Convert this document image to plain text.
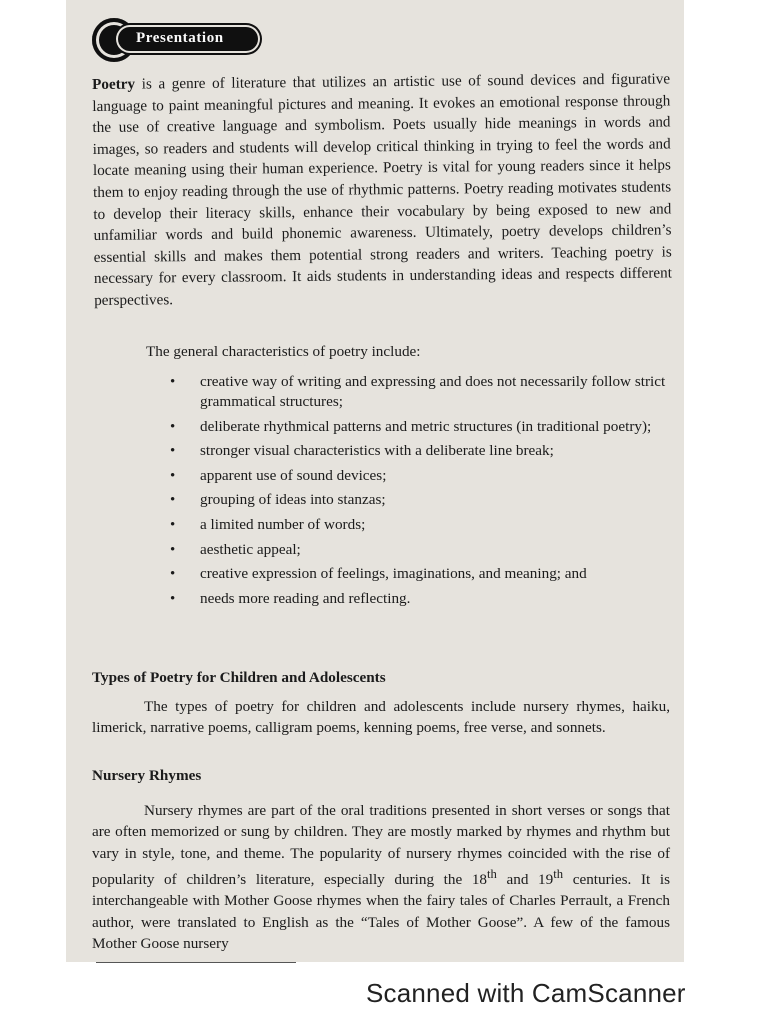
Presentation

Poetry is a genre of literature that utilizes an artistic use of sound devices and figurative language to paint meaningful pictures and meaning. It evokes an emotional response through the use of creative language and symbolism. Poets usually hide meanings in words and images, so readers and students will develop critical thinking in trying to feel the words and locate meaning using their human experience. Poetry is vital for young readers since it helps them to enjoy reading through the use of rhythmic patterns. Poetry reading motivates students to develop their literacy skills, enhance their vocabulary by being exposed to new and unfamiliar words and build phonemic awareness. Ultimately, poetry develops children’s essential skills and makes them potential strong readers and writers. Teaching poetry is necessary for every classroom. It aids students in understanding ideas and respects different perspectives.

The general characteristics of poetry include:

• creative way of writing and expressing and does not necessarily follow strict grammatical structures;
• deliberate rhythmical patterns and metric structures (in traditional poetry);
• stronger visual characteristics with a deliberate line break;
• apparent use of sound devices;
• grouping of ideas into stanzas;
• a limited number of words;
• aesthetic appeal;
• creative expression of feelings, imaginations, and meaning; and
• needs more reading and reflecting.
Types of Poetry for Children and Adolescents

The types of poetry for children and adolescents include nursery rhymes, haiku, limerick, narrative poems, calligram poems, kenning poems, free verse, and sonnets.

Nursery Rhymes

Nursery rhymes are part of the oral traditions presented in short verses or songs that are often memorized or sung by children. They are mostly marked by rhymes and rhythm but vary in style, tone, and theme. The popularity of nursery rhymes coincided with the rise of popularity of children’s literature, especially during the 18th and 19th centuries. It is interchangeable with Mother Goose rhymes when the fairy tales of Charles Perrault, a French author, were translated to English as the “Tales of Mother Goose”. A few of the famous Mother Goose nursery

Scanned with CamScanner
